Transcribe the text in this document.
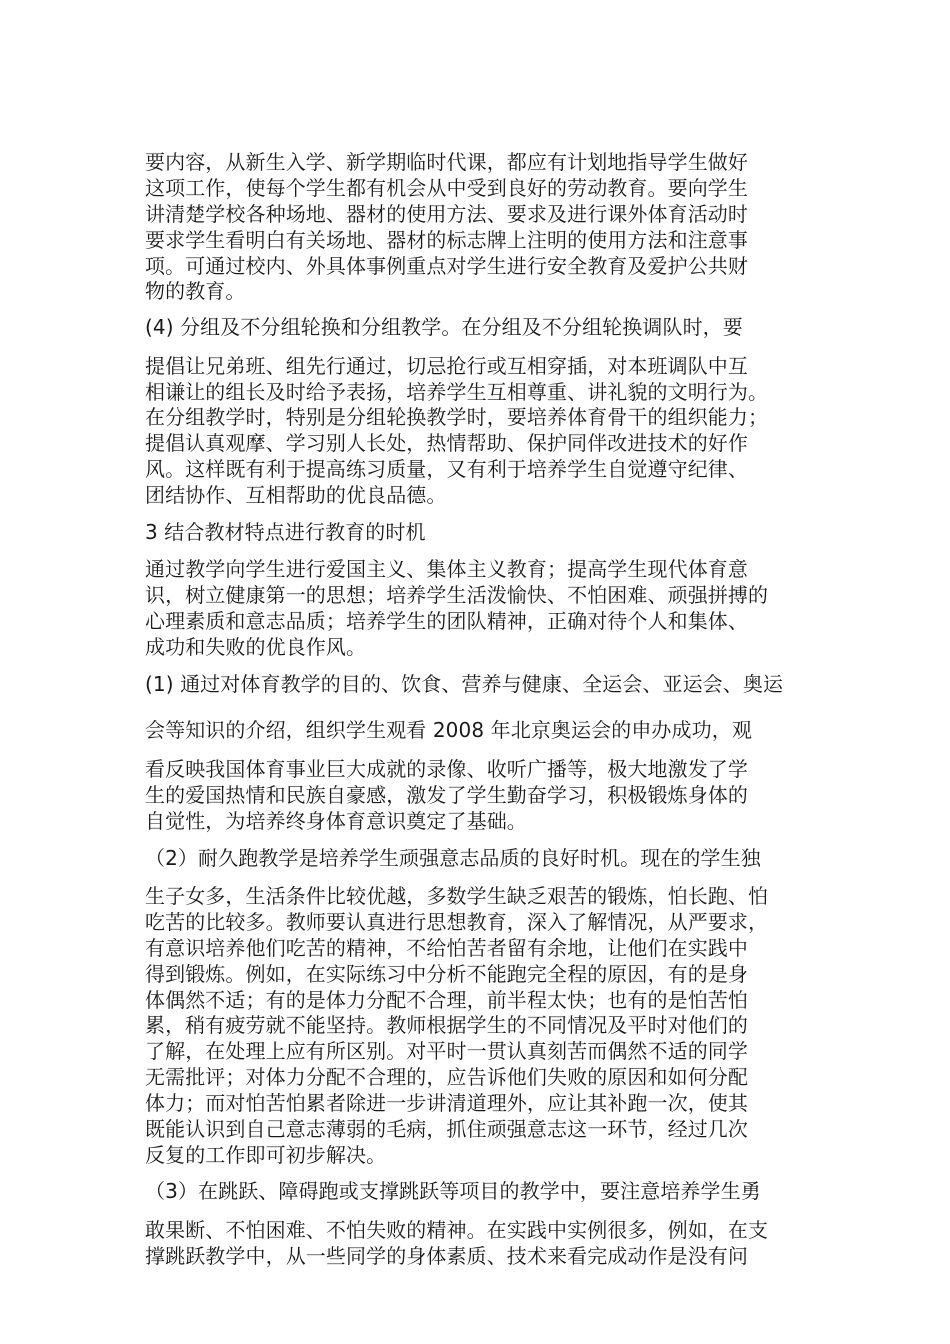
要内容，从新生入学、新学期临时代课，都应有计划地指导学生做好
这项工作，使每个学生都有机会从中受到良好的劳动教育。要向学生
讲清楚学校各种场地、器材的使用方法、要求及进行课外体育活动时
要求学生看明白有关场地、器材的标志牌上注明的使用方法和注意事
项。可通过校内、外具体事例重点对学生进行安全教育及爱护公共财
物的教育。
(4) 分组及不分组轮换和分组教学。在分组及不分组轮换调队时，要
提倡让兄弟班、组先行通过，切忌抢行或互相穿插，对本班调队中互
相谦让的组长及时给予表扬，培养学生互相尊重、讲礼貌的文明行为。
在分组教学时，特别是分组轮换教学时，要培养体育骨干的组织能力；
提倡认真观摩、学习别人长处，热情帮助、保护同伴改进技术的好作
风。这样既有利于提高练习质量，又有利于培养学生自觉遵守纪律、
团结协作、互相帮助的优良品德。
3 结合教材特点进行教育的时机
通过教学向学生进行爱国主义、集体主义教育；提高学生现代体育意
识，树立健康第一的思想；培养学生活泼愉快、不怕困难、顽强拼搏的
心理素质和意志品质；培养学生的团队精神，正确对待个人和集体、
成功和失败的优良作风。
(1) 通过对体育教学的目的、饮食、营养与健康、全运会、亚运会、奥运
会等知识的介绍，组织学生观看 2008 年北京奥运会的申办成功，观
看反映我国体育事业巨大成就的录像、收听广播等，极大地激发了学
生的爱国热情和民族自豪感，激发了学生勤奋学习，积极锻炼身体的
自觉性，为培养终身体育意识奠定了基础。
（2）耐久跑教学是培养学生顽强意志品质的良好时机。现在的学生独
生子女多，生活条件比较优越，多数学生缺乏艰苦的锻炼，怕长跑、怕
吃苦的比较多。教师要认真进行思想教育，深入了解情况，从严要求，
有意识培养他们吃苦的精神，不给怕苦者留有余地，让他们在实践中
得到锻炼。例如，在实际练习中分析不能跑完全程的原因，有的是身
体偶然不适；有的是体力分配不合理，前半程太快；也有的是怕苦怕
累，稍有疲劳就不能坚持。教师根据学生的不同情况及平时对他们的
了解，在处理上应有所区别。对平时一贯认真刻苦而偶然不适的同学
无需批评；对体力分配不合理的，应告诉他们失败的原因和如何分配
体力；而对怕苦怕累者除进一步讲清道理外，应让其补跑一次，使其
既能认识到自己意志薄弱的毛病，抓住顽强意志这一环节，经过几次
反复的工作即可初步解决。
（3）在跳跃、障碍跑或支撑跳跃等项目的教学中，要注意培养学生勇
敢果断、不怕困难、不怕失败的精神。在实践中实例很多，例如，在支
撑跳跃教学中，从一些同学的身体素质、技术来看完成动作是没有问
